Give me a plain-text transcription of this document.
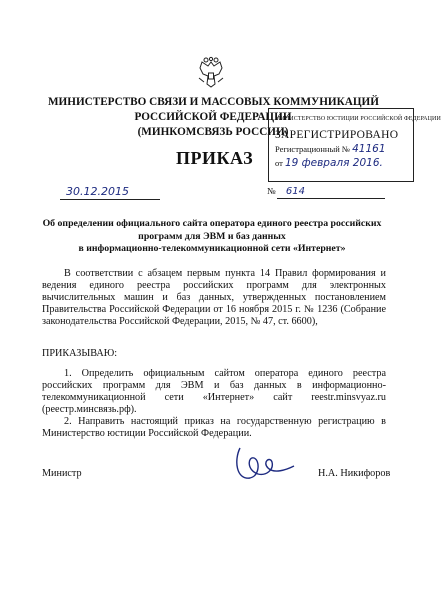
МИНИСТЕРСТВО СВЯЗИ И МАССОВЫХ КОММУНИКАЦИЙ
РОССИЙСКОЙ ФЕДЕРАЦИИ
(МИНКОМСВЯЗЬ РОССИИ)
ПРИКАЗ
МИНИСТЕРСТВО ЮСТИЦИИ РОССИЙСКОЙ ФЕДЕРАЦИИ
ЗАРЕГИСТРИРОВАНО
Регистрационный № 41161
от 19 февраля 2016.
30.12.2015	№ 614
Об определении официального сайта оператора единого реестра российских
программ для ЭВМ и баз данных
в информационно-телекоммуникационной сети «Интернет»
В соответствии с абзацем первым пункта 14 Правил формирования и ведения единого реестра российских программ для электронных вычислительных машин и баз данных, утвержденных постановлением Правительства Российской Федерации от 16 ноября 2015 г. № 1236 (Собрание законодательства Российской Федерации, 2015, № 47, ст. 6600),
ПРИКАЗЫВАЮ:

1. Определить официальным сайтом оператора единого реестра российских программ для ЭВМ и баз данных в информационно-телекоммуникационной сети «Интернет» сайт reestr.minsvyaz.ru (реестр.минсвязь.рф).

2. Направить настоящий приказ на государственную регистрацию в Министерство юстиции Российской Федерации.

Министр	Н.А. Никифоров
